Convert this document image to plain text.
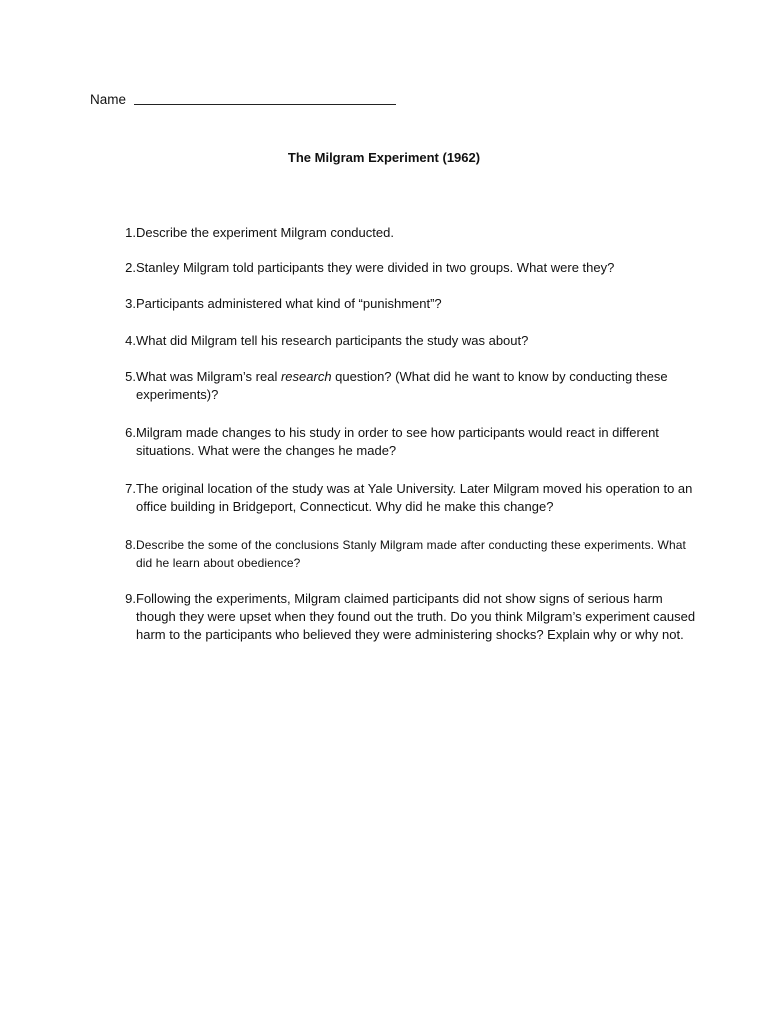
Name
The Milgram Experiment (1962)
1. Describe the experiment Milgram conducted.
2. Stanley Milgram told participants they were divided in two groups. What were they?
3. Participants administered what kind of “punishment”?
4. What did Milgram tell his research participants the study was about?
5. What was Milgram’s real research question? (What did he want to know by conducting these experiments)?
6. Milgram made changes to his study in order to see how participants would react in different situations. What were the changes he made?
7. The original location of the study was at Yale University. Later Milgram moved his operation to an office building in Bridgeport, Connecticut. Why did he make this change?
8. Describe the some of the conclusions Stanly Milgram made after conducting these experiments. What did he learn about obedience?
9. Following the experiments, Milgram claimed participants did not show signs of serious harm though they were upset when they found out the truth. Do you think Milgram’s experiment caused harm to the participants who believed they were administering shocks? Explain why or why not.
